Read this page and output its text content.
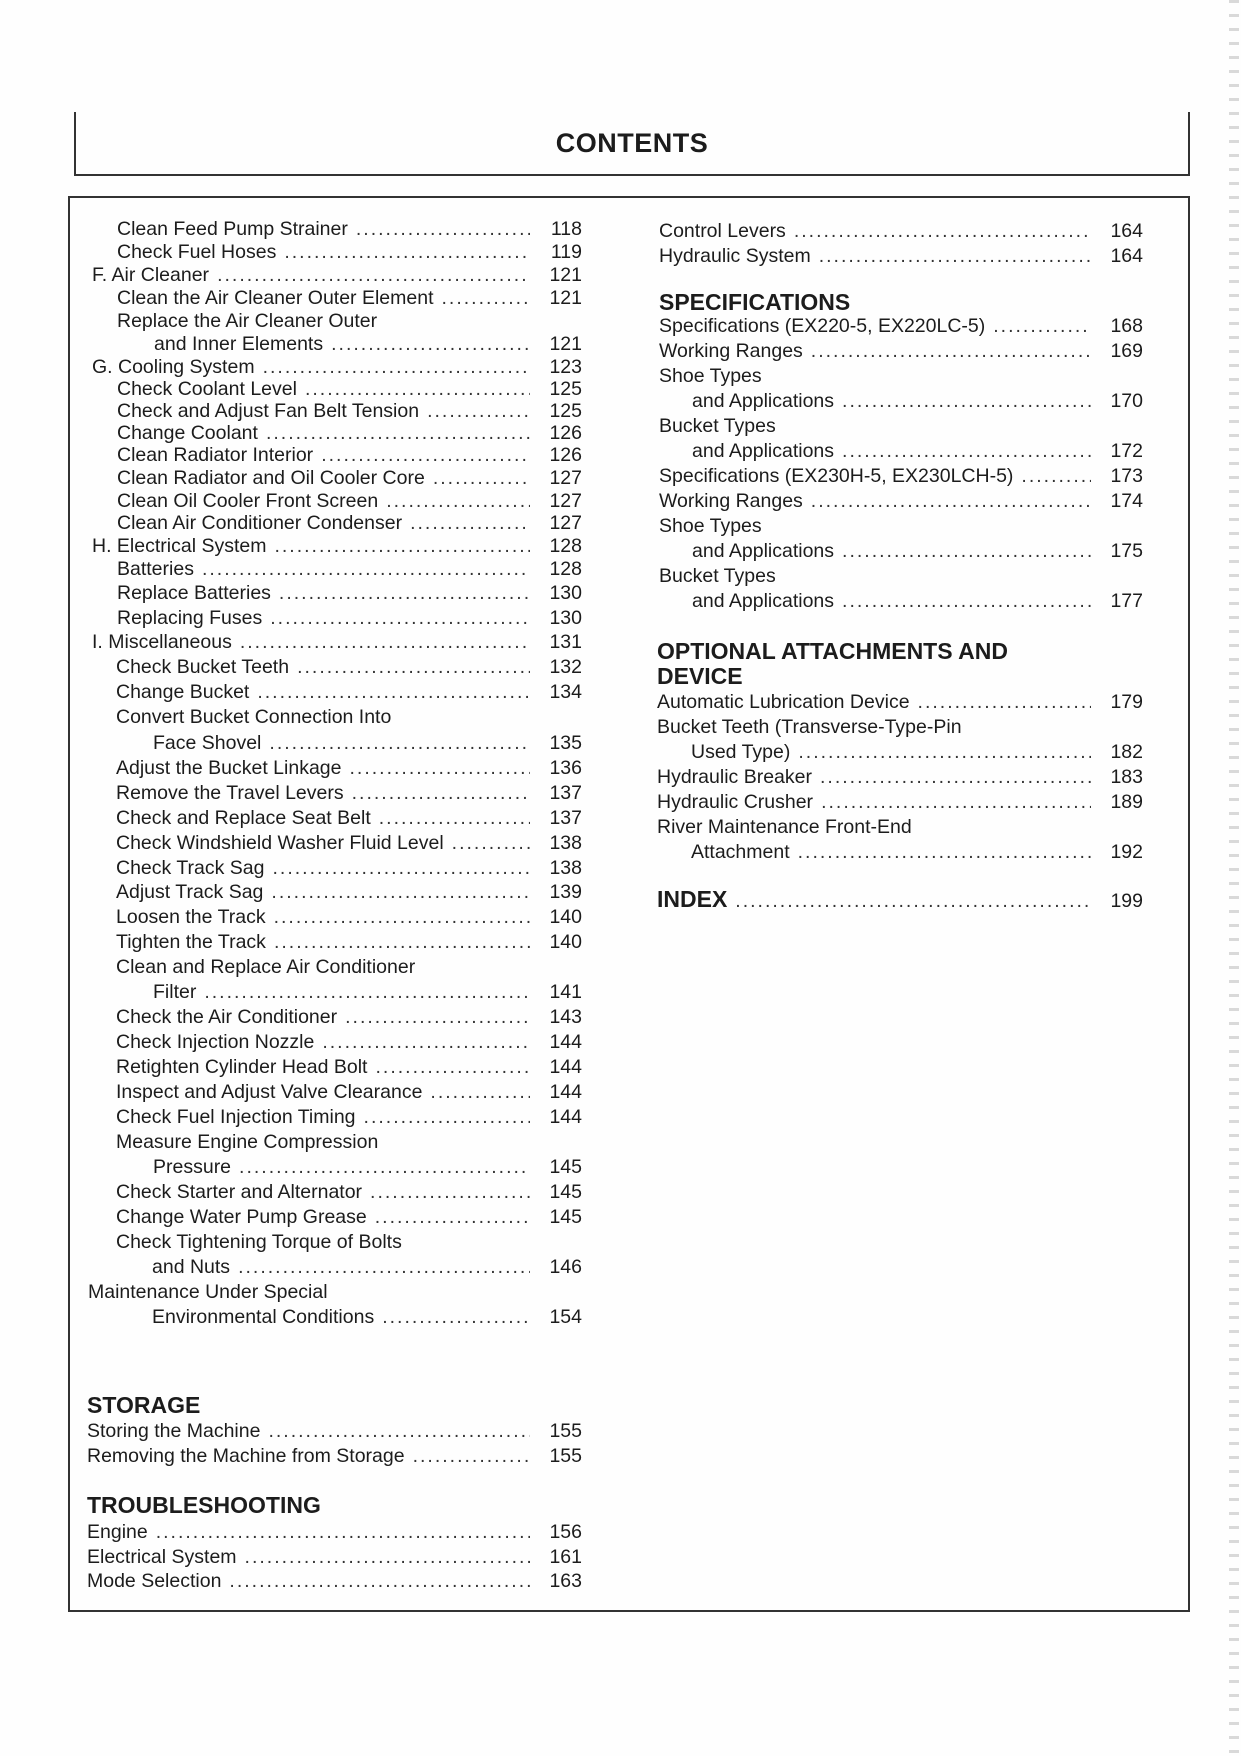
CONTENTS
Clean Feed Pump Strainer .....	118
Check Fuel Hoses .....	119
F. Air Cleaner .....	121
Clean the Air Cleaner Outer Element .....	121
Replace the Air Cleaner Outer
and Inner Elements .....	121
G. Cooling System .....	123
Check Coolant Level .....	125
Check and Adjust Fan Belt Tension .....	125
Change Coolant .....	126
Clean Radiator Interior .....	126
Clean Radiator and Oil Cooler Core .....	127
Clean Oil Cooler Front Screen .....	127
Clean Air Conditioner Condenser .....	127
H. Electrical System .....	128
Batteries .....	128
Replace Batteries .....	130
Replacing Fuses .....	130
I. Miscellaneous .....	131
Check Bucket Teeth .....	132
Change Bucket .....	134
Convert Bucket Connection Into
Face Shovel .....	135
Adjust the Bucket Linkage .....	136
Remove the Travel Levers .....	137
Check and Replace Seat Belt .....	137
Check Windshield Washer Fluid Level .....	138
Check Track Sag .....	138
Adjust Track Sag .....	139
Loosen the Track .....	140
Tighten the Track .....	140
Clean and Replace Air Conditioner
Filter .....	141
Check the Air Conditioner .....	143
Check Injection Nozzle .....	144
Retighten Cylinder Head Bolt .....	144
Inspect and Adjust Valve Clearance .....	144
Check Fuel Injection Timing .....	144
Measure Engine Compression
Pressure .....	145
Check Starter and Alternator .....	145
Change Water Pump Grease .....	145
Check Tightening Torque of Bolts
and Nuts .....	146
Maintenance Under Special
Environmental Conditions .....	154
STORAGE
Storing the Machine .....	155
Removing the Machine from Storage .....	155
TROUBLESHOOTING
Engine .....	156
Electrical System .....	161
Mode Selection .....	163
Control Levers .....	164
Hydraulic System .....	164
SPECIFICATIONS
Specifications (EX220-5, EX220LC-5) .....	168
Working Ranges .....	169
Shoe Types
and Applications .....	170
Bucket Types
and Applications .....	172
Specifications (EX230H-5, EX230LCH-5) .....	173
Working Ranges .....	174
Shoe Types
and Applications .....	175
Bucket Types
and Applications .....	177
OPTIONAL ATTACHMENTS AND
DEVICE
Automatic Lubrication Device .....	179
Bucket Teeth (Transverse-Type-Pin
Used Type) .....	182
Hydraulic Breaker .....	183
Hydraulic Crusher .....	189
River Maintenance Front-End
Attachment .....	192
INDEX .....	199
